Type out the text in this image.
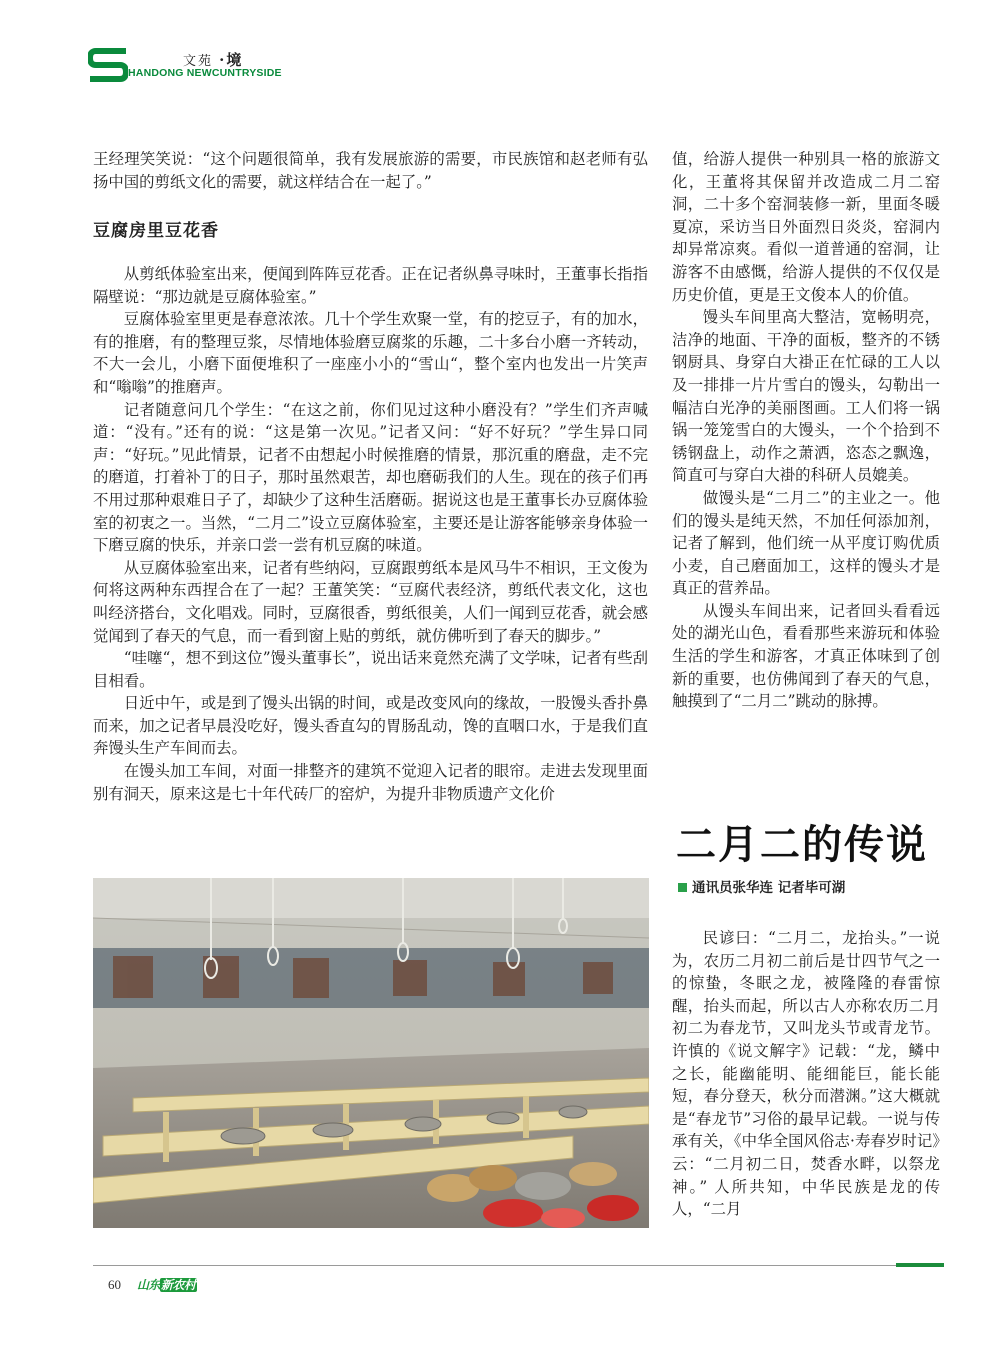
文苑 ·境
HANDONG NEWCUNTRYSIDE

王经理笑笑说：“这个问题很简单，我有发展旅游的需要，市民族馆和赵老师有弘扬中国的剪纸文化的需要，就这样结合在一起了。”

豆腐房里豆花香

从剪纸体验室出来，便闻到阵阵豆花香。正在记者纵鼻寻味时，王董事长指指隔壁说：“那边就是豆腐体验室。”

豆腐体验室里更是春意浓浓。几十个学生欢聚一堂，有的挖豆子，有的加水，有的推磨，有的整理豆浆，尽情地体验磨豆腐浆的乐趣，二十多台小磨一齐转动，不大一会儿，小磨下面便堆积了一座座小小的“雪山“，整个室内也发出一片笑声和“嗡嗡”的推磨声。

记者随意问几个学生：“在这之前，你们见过这种小磨没有？”学生们齐声喊道：“没有。”还有的说：“这是第一次见。”记者又问：“好不好玩？”学生异口同声：“好玩。”见此情景，记者不由想起小时候推磨的情景，那沉重的磨盘，走不完的磨道，打着补丁的日子，那时虽然艰苦，却也磨砺我们的人生。现在的孩子们再不用过那种艰难日子了，却缺少了这种生活磨砺。据说这也是王董事长办豆腐体验室的初衷之一。当然，“二月二”设立豆腐体验室，主要还是让游客能够亲身体验一下磨豆腐的快乐，并亲口尝一尝有机豆腐的味道。

从豆腐体验室出来，记者有些纳闷，豆腐跟剪纸本是风马牛不相识，王文俊为何将这两种东西捏合在了一起？王董笑笑：“豆腐代表经济，剪纸代表文化，这也叫经济搭台，文化唱戏。同时，豆腐很香，剪纸很美，人们一闻到豆花香，就会感觉闻到了春天的气息，而一看到窗上贴的剪纸，就仿佛听到了春天的脚步。”

“哇噻“，想不到这位”馒头董事长”，说出话来竟然充满了文学味，记者有些刮目相看。

日近中午，或是到了馒头出锅的时间，或是改变风向的缘故，一股馒头香扑鼻而来，加之记者早晨没吃好，馒头香直勾的胃肠乱动，馋的直咽口水，于是我们直奔馒头生产车间而去。

在馒头加工车间，对面一排整齐的建筑不觉迎入记者的眼帘。走进去发现里面别有洞天，原来这是七十年代砖厂的窑炉，为提升非物质遗产文化价

值，给游人提供一种别具一格的旅游文化，王董将其保留并改造成二月二窑洞，二十多个窑洞装修一新，里面冬暖夏凉，采访当日外面烈日炎炎，窑洞内却异常凉爽。看似一道普通的窑洞，让游客不由感慨，给游人提供的不仅仅是历史价值，更是王文俊本人的价值。

馒头车间里高大整洁，宽畅明亮，洁净的地面、干净的面板，整齐的不锈钢厨具、身穿白大褂正在忙碌的工人以及一排排一片片雪白的馒头，勾勒出一幅洁白光净的美丽图画。工人们将一锅锅一笼笼雪白的大馒头，一个个拾到不锈钢盘上，动作之萧洒，恣态之飘逸，简直可与穿白大褂的科研人员媲美。

做馒头是“二月二”的主业之一。他们的馒头是纯天然，不加任何添加剂，记者了解到，他们统一从平度订购优质小麦，自己磨面加工，这样的馒头才是真正的营养品。

从馒头车间出来，记者回头看看远处的湖光山色，看看那些来游玩和体验生活的学生和游客，才真正体味到了创新的重要，也仿佛闻到了春天的气息，触摸到了“二月二”跳动的脉搏。

二月二的传说
通讯员张华连 记者毕可湖

民谚曰：“二月二，龙抬头。”一说为，农历二月初二前后是廿四节气之一的惊蛰，冬眠之龙，被隆隆的春雷惊醒，抬头而起，所以古人亦称农历二月初二为春龙节，又叫龙头节或青龙节。许慎的《说文解字》记载：“龙，鳞中之长，能幽能明、能细能巨，能长能短，春分登天，秋分而潜渊。”这大概就是“春龙节”习俗的最早记载。一说与传承有关，《中华全国风俗志·寿春岁时记》云：“二月初二日，焚香水畔，以祭龙神。” 人所共知，中华民族是龙的传人，“二月

60 山东新农村
